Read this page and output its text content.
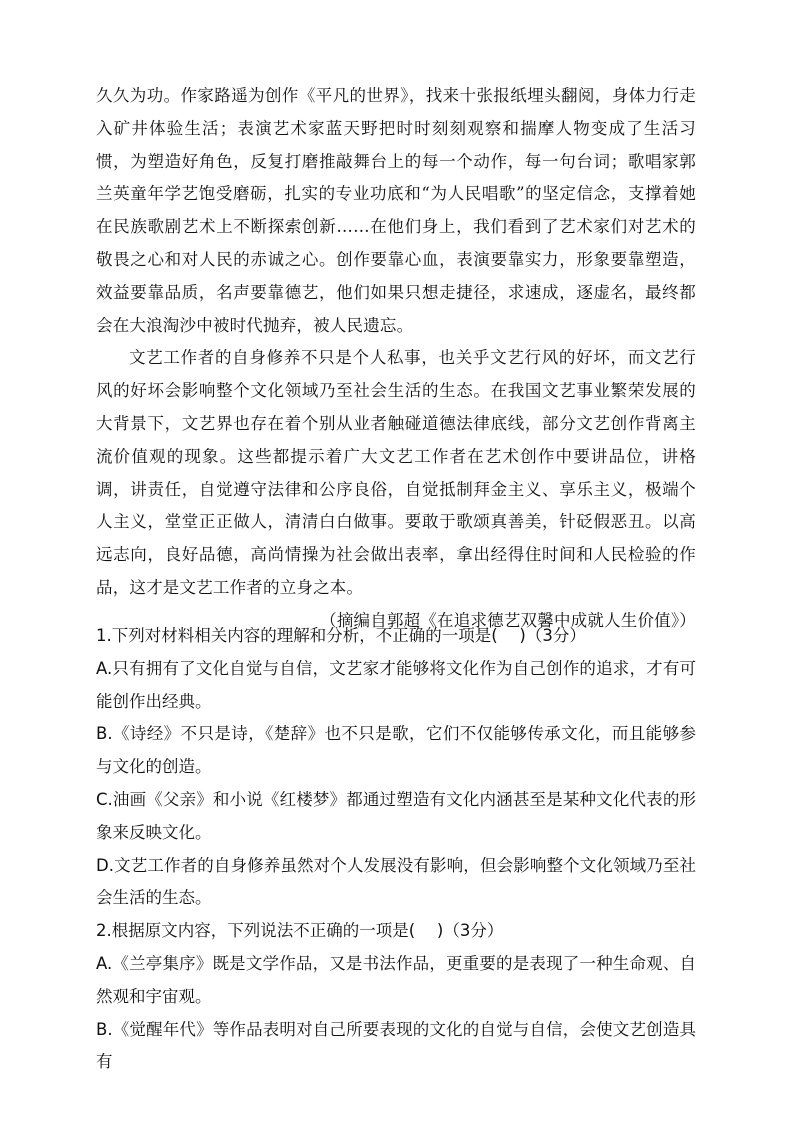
久久为功。作家路遥为创作《平凡的世界》，找来十张报纸埋头翻阅，身体力行走入矿井体验生活；表演艺术家蓝天野把时时刻刻观察和揣摩人物变成了生活习惯，为塑造好角色，反复打磨推敲舞台上的每一个动作，每一句台词；歌唱家郭兰英童年学艺饱受磨砺，扎实的专业功底和“为人民唱歌”的坚定信念，支撑着她在民族歌剧艺术上不断探索创新……在他们身上，我们看到了艺术家们对艺术的敬畏之心和对人民的赤诚之心。创作要靠心血，表演要靠实力，形象要靠塑造，效益要靠品质，名声要靠德艺，他们如果只想走捷径，求速成，逐虚名，最终都会在大浪淘沙中被时代抛弃，被人民遗忘。

文艺工作者的自身修养不只是个人私事，也关乎文艺行风的好坏，而文艺行风的好坏会影响整个文化领域乃至社会生活的生态。在我国文艺事业繁荣发展的大背景下，文艺界也存在着个别从业者触碰道德法律底线，部分文艺创作背离主流价值观的现象。这些都提示着广大文艺工作者在艺术创作中要讲品位，讲格调，讲责任，自觉遵守法律和公序良俗，自觉抵制拜金主义、享乐主义，极端个人主义，堂堂正正做人，清清白白做事。要敢于歌颂真善美，针砭假恶丑。以高远志向，良好品德，高尚情操为社会做出表率，拿出经得住时间和人民检验的作品，这才是文艺工作者的立身之本。

（摘编自郭超《在追求德艺双馨中成就人生价值》）

1.下列对材料相关内容的理解和分析，不正确的一项是(　 )（3分）

A.只有拥有了文化自觉与自信，文艺家才能够将文化作为自己创作的追求，才有可能创作出经典。

B.《诗经》不只是诗，《楚辞》也不只是歌，它们不仅能够传承文化，而且能够参与文化的创造。

C.油画《父亲》和小说《红楼梦》都通过塑造有文化内涵甚至是某种文化代表的形象来反映文化。

D.文艺工作者的自身修养虽然对个人发展没有影响，但会影响整个文化领域乃至社会生活的生态。

2.根据原文内容，下列说法不正确的一项是(　 )（3分）

A.《兰亭集序》既是文学作品，又是书法作品，更重要的是表现了一种生命观、自然观和宇宙观。

B.《觉醒年代》等作品表明对自己所要表现的文化的自觉与自信，会使文艺创造具有
